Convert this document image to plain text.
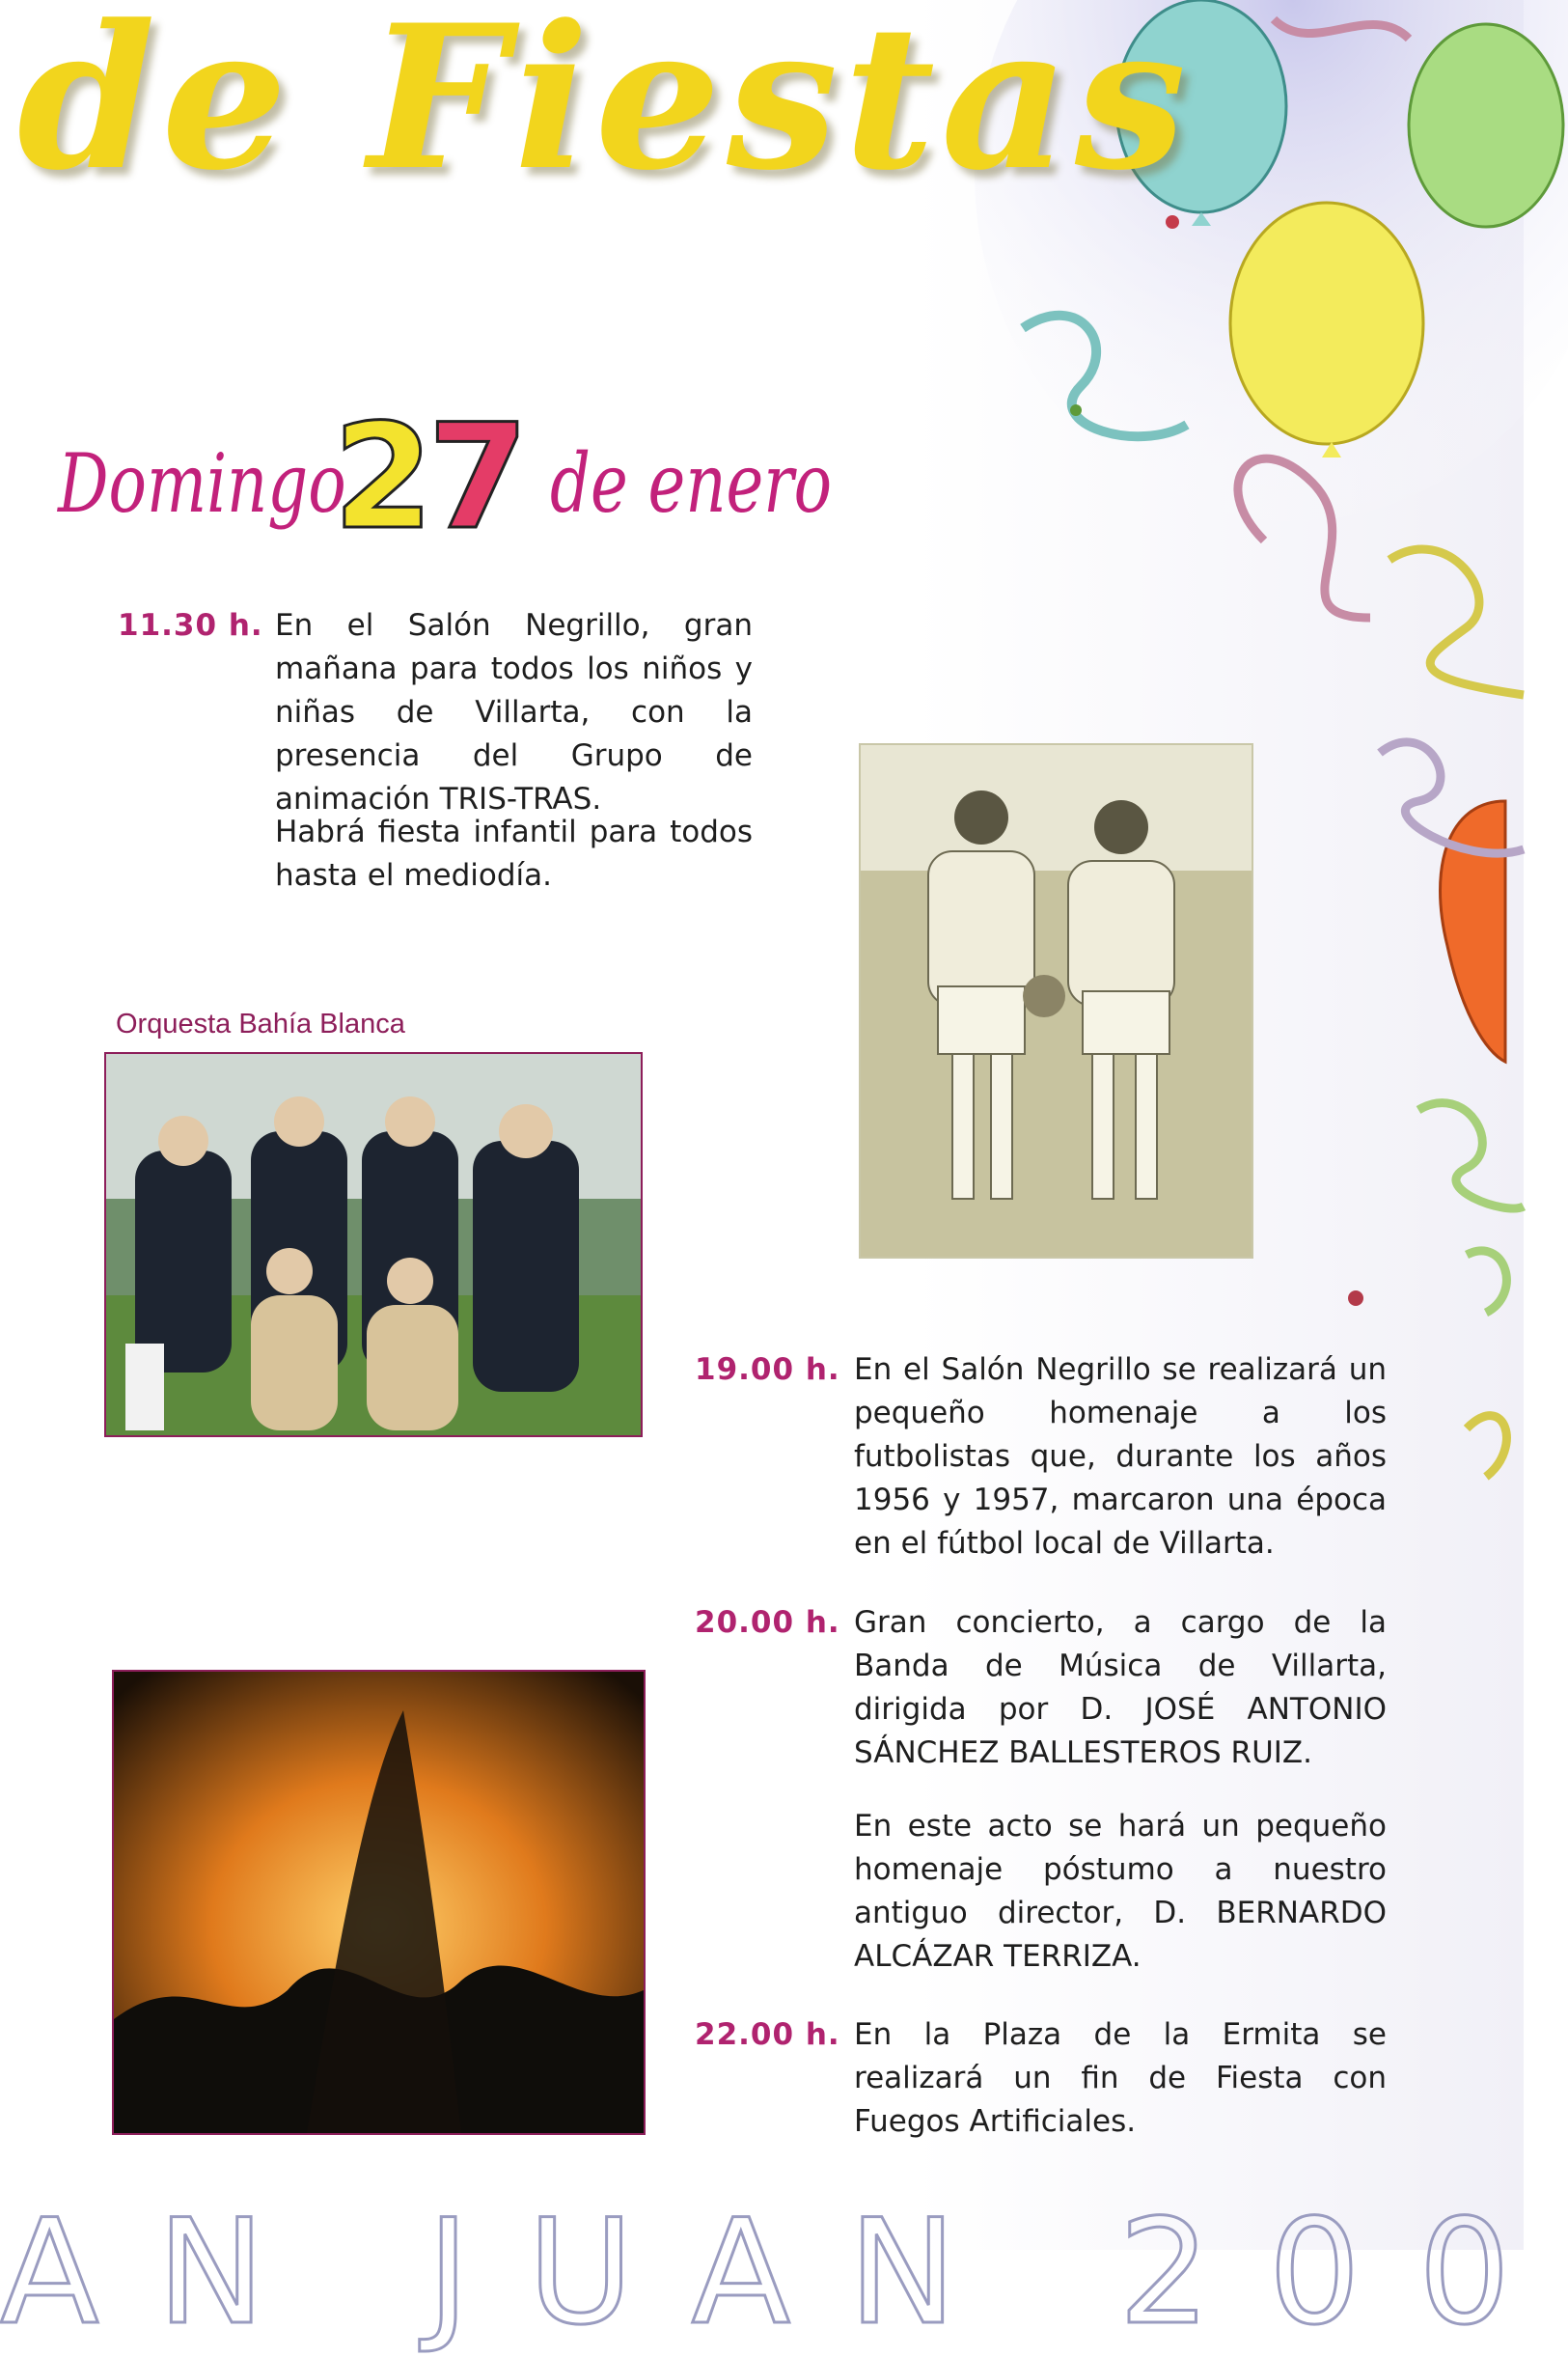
de Fiestas
Domingo,
27 de enero
11.30 h. En el Salón Negrillo, gran mañana para todos los niños y niñas de Villarta, con la presencia del Grupo de animación TRIS-TRAS.

Habrá fiesta infantil para todos hasta el mediodía.

Orquesta Bahía Blanca
19.00 h. En el Salón Negrillo se realizará un pequeño homenaje a los futbolistas que, durante los años 1956 y 1957, marcaron una época en el fútbol local de Villarta.

20.00 h. Gran concierto, a cargo de la Banda de Música de Villarta, dirigida por D. JOSÉ ANTONIO SÁNCHEZ BALLESTEROS RUIZ.

En este acto se hará un pequeño homenaje póstumo a nuestro antiguo director, D. BERNARDO ALCÁZAR TERRIZA.

22.00 h. En la Plaza de la Ermita se realizará un fin de Fiesta con Fuegos Artificiales.

AN JUAN 200
